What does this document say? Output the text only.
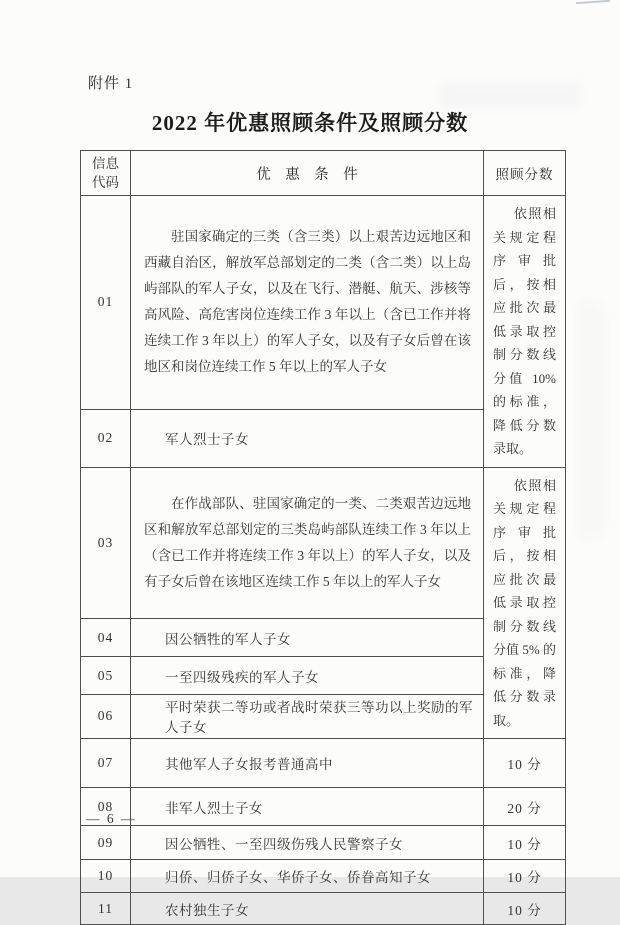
附件 1
2022 年优惠照顾条件及照顾分数
信息
代码	优　惠　条　件	照顾分数
01	驻国家确定的三类（含三类）以上艰苦边远地区和西藏自治区，解放军总部划定的二类（含二类）以上岛屿部队的军人子女，以及在飞行、潜艇、航天、涉核等高风险、高危害岗位连续工作 3 年以上（含已工作并将连续工作 3 年以上）的军人子女，以及有子女后曾在该地区和岗位连续工作 5 年以上的军人子女	依照相关规定程序审批后，按相应批次最低录取控制分数线分值 10% 的标准，降低分数录取。
02	军人烈士子女	
03	在作战部队、驻国家确定的一类、二类艰苦边远地区和解放军总部划定的三类岛屿部队连续工作 3 年以上（含已工作并将连续工作 3 年以上）的军人子女，以及有子女后曾在该地区连续工作 5 年以上的军人子女	依照相关规定程序审批后，按相应批次最低录取控制分数线分值 5% 的标准，降低分数录取。
04	因公牺牲的军人子女	
05	一至四级残疾的军人子女	
06	平时荣获二等功或者战时荣获三等功以上奖励的军人子女	
07	其他军人子女报考普通高中	10 分
08	非军人烈士子女	20 分
09	因公牺牲、一至四级伤残人民警察子女	10 分
10	归侨、归侨子女、华侨子女、侨眷高知子女	10 分
11	农村独生子女	10 分
— 6 —
